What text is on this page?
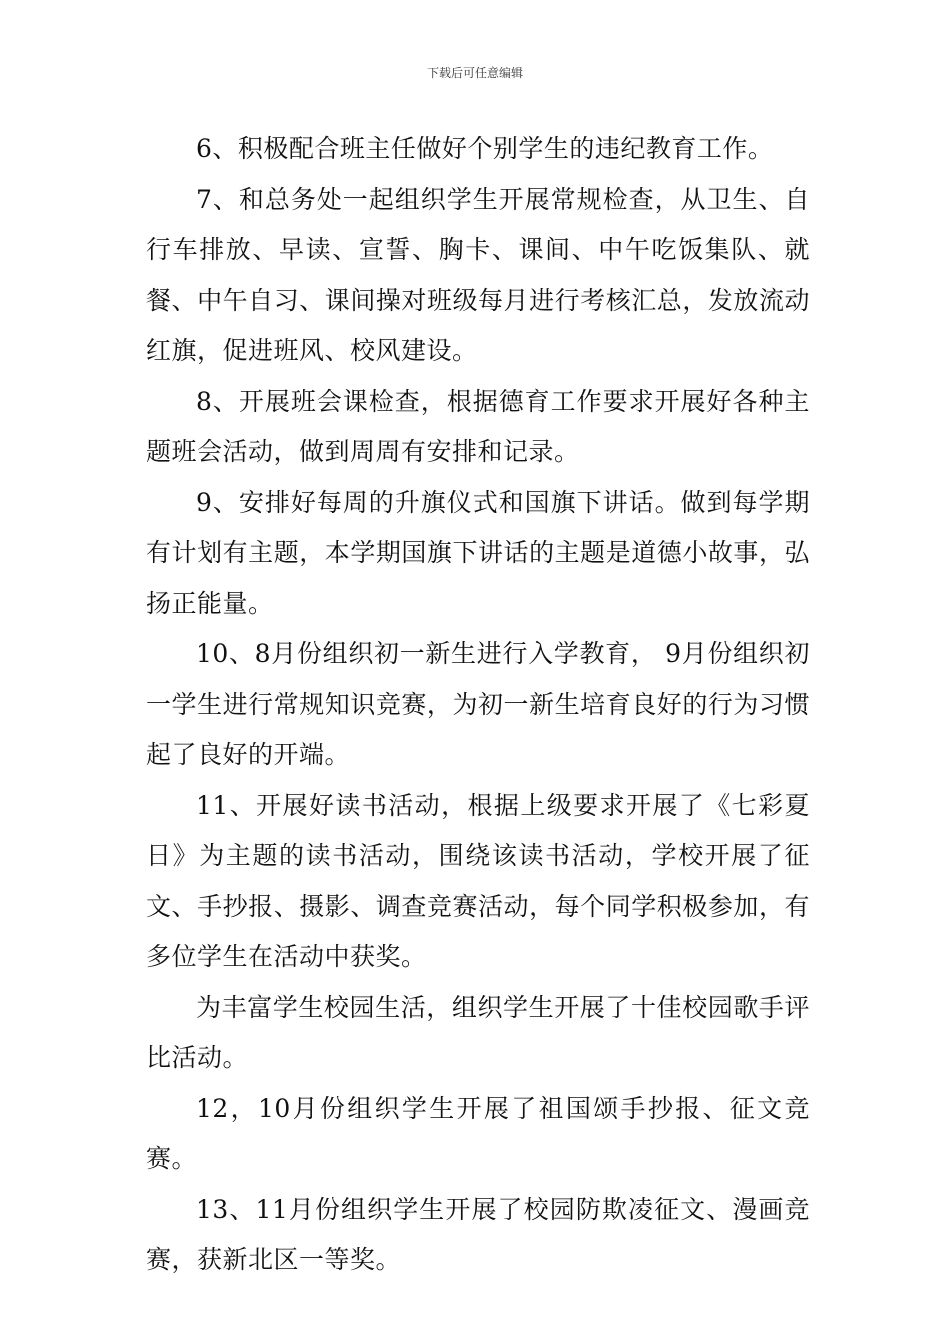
下载后可任意编辑

6、积极配合班主任做好个别学生的违纪教育工作。

7、和总务处一起组织学生开展常规检查，从卫生、自行车排放、早读、宣誓、胸卡、课间、中午吃饭集队、就餐、中午自习、课间操对班级每月进行考核汇总，发放流动红旗，促进班风、校风建设。

8、开展班会课检查，根据德育工作要求开展好各种主题班会活动，做到周周有安排和记录。

9、安排好每周的升旗仪式和国旗下讲话。做到每学期有计划有主题，本学期国旗下讲话的主题是道德小故事，弘扬正能量。

10、8月份组织初一新生进行入学教育， 9月份组织初一学生进行常规知识竞赛，为初一新生培育良好的行为习惯起了良好的开端。

11、开展好读书活动，根据上级要求开展了《七彩夏日》为主题的读书活动，围绕该读书活动，学校开展了征文、手抄报、摄影、调查竞赛活动，每个同学积极参加，有多位学生在活动中获奖。

为丰富学生校园生活，组织学生开展了十佳校园歌手评比活动。

12，10月份组织学生开展了祖国颂手抄报、征文竞赛。

13、11月份组织学生开展了校园防欺凌征文、漫画竞赛，获新北区一等奖。
